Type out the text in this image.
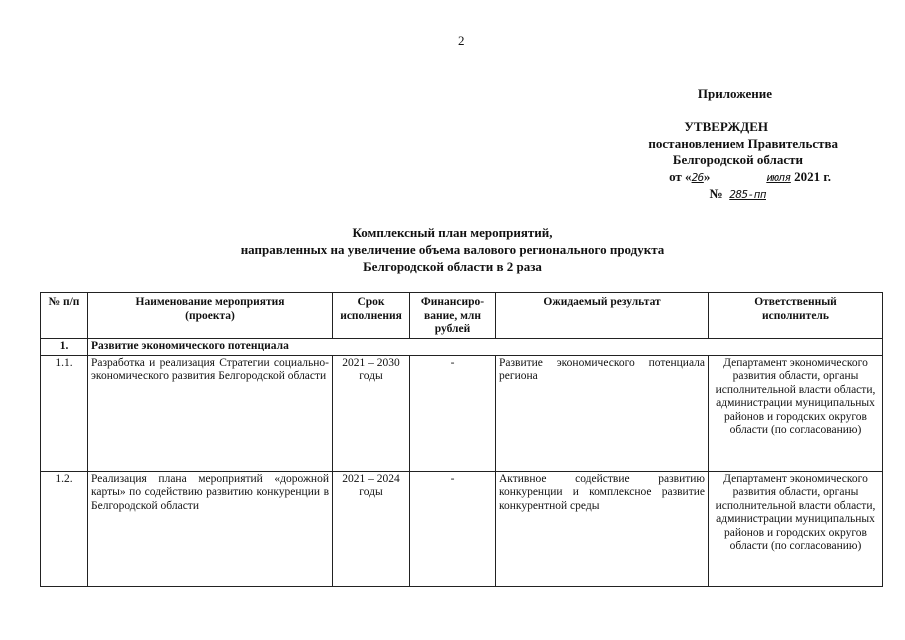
2
Приложение
УТВЕРЖДЕН
постановлением Правительства
Белгородской области
от «26»	июля 2021 г.
№ 285-пп
Комплексный план мероприятий,
направленных на увеличение объема валового регионального продукта
Белгородской области в 2 раза
№ п/п	Наименование мероприятия (проекта)	Срок исполнения	Финансиро-вание, млн рублей	Ожидаемый результат	Ответственный исполнитель
1.	Развитие экономического потенциала				
1.1.	Разработка и реализация Стратегии социально-экономического развития Белгородской области	2021 – 2030 годы	-	Развитие экономического потенциала региона	Департамент экономического развития области, органы исполнительной власти области, администрации муниципальных районов и городских округов области (по согласованию)
1.2.	Реализация плана мероприятий «дорожной карты» по содействию развитию конкуренции в Белгородской области	2021 – 2024 годы	-	Активное содействие развитию конкуренции и комплексное развитие конкурентной среды	Департамент экономического развития области, органы исполнительной власти области, администрации муниципальных районов и городских округов области (по согласованию)
